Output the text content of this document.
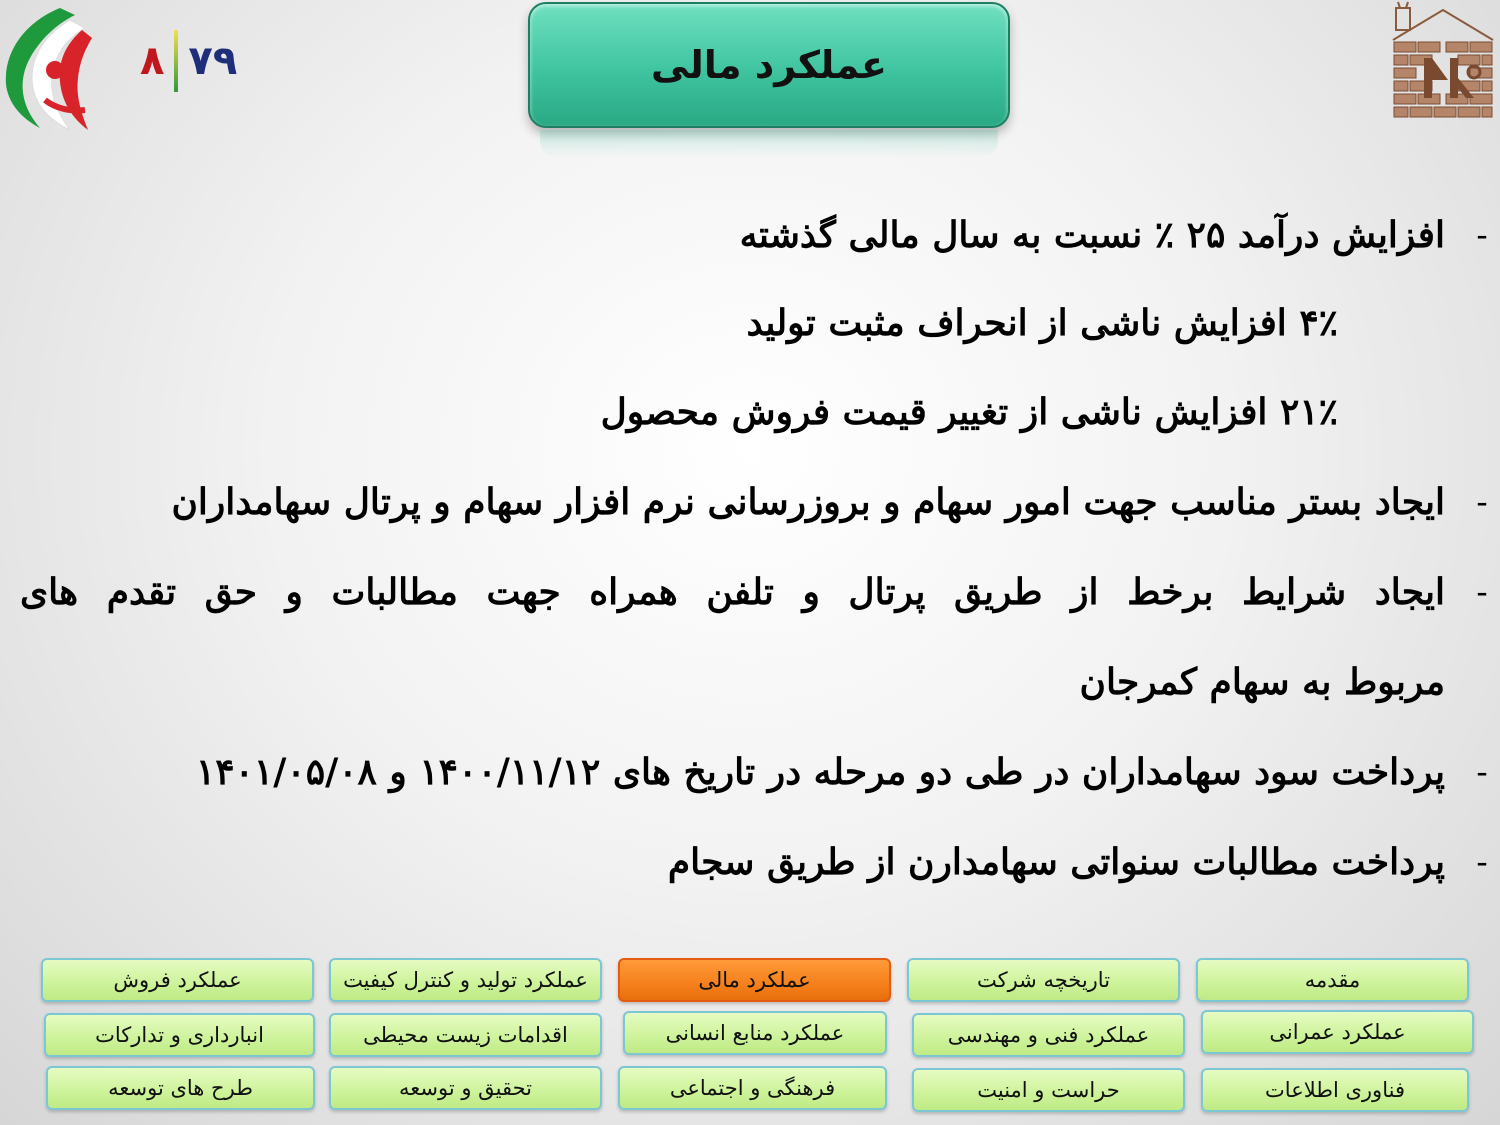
۸ ۷۹	عملکرد مالی
-
افزایش درآمد ۲۵ ٪ نسبت به سال مالی گذشته
۴٪ افزایش ناشی از انحراف مثبت تولید
۲۱٪ افزایش ناشی از تغییر قیمت فروش محصول
-
ایجاد بستر مناسب جهت امور سهام و بروزرسانی نرم افزار سهام و پرتال سهامداران
-
ایجاد شرایط برخط از طریق پرتال و تلفن همراه جهت مطالبات و حق تقدم های
مربوط به سهام کمرجان
-
پرداخت سود سهامداران در طی دو مرحله در تاریخ های ۱۴۰۰/۱۱/۱۲ و ۱۴۰۱/۰۵/۰۸
-
پرداخت مطالبات سنواتی سهامدارن از طریق سجام
مقدمه
تاریخچه شرکت
عملکرد مالی
عملکرد تولید و کنترل کیفیت
عملکرد فروش
عملکرد عمرانی
عملکرد فنی و مهندسی
عملکرد منابع انسانی
اقدامات زیست محیطی
انبارداری و تدارکات
فناوری اطلاعات
حراست و امنیت
فرهنگی و اجتماعی
تحقیق و توسعه
طرح های توسعه
